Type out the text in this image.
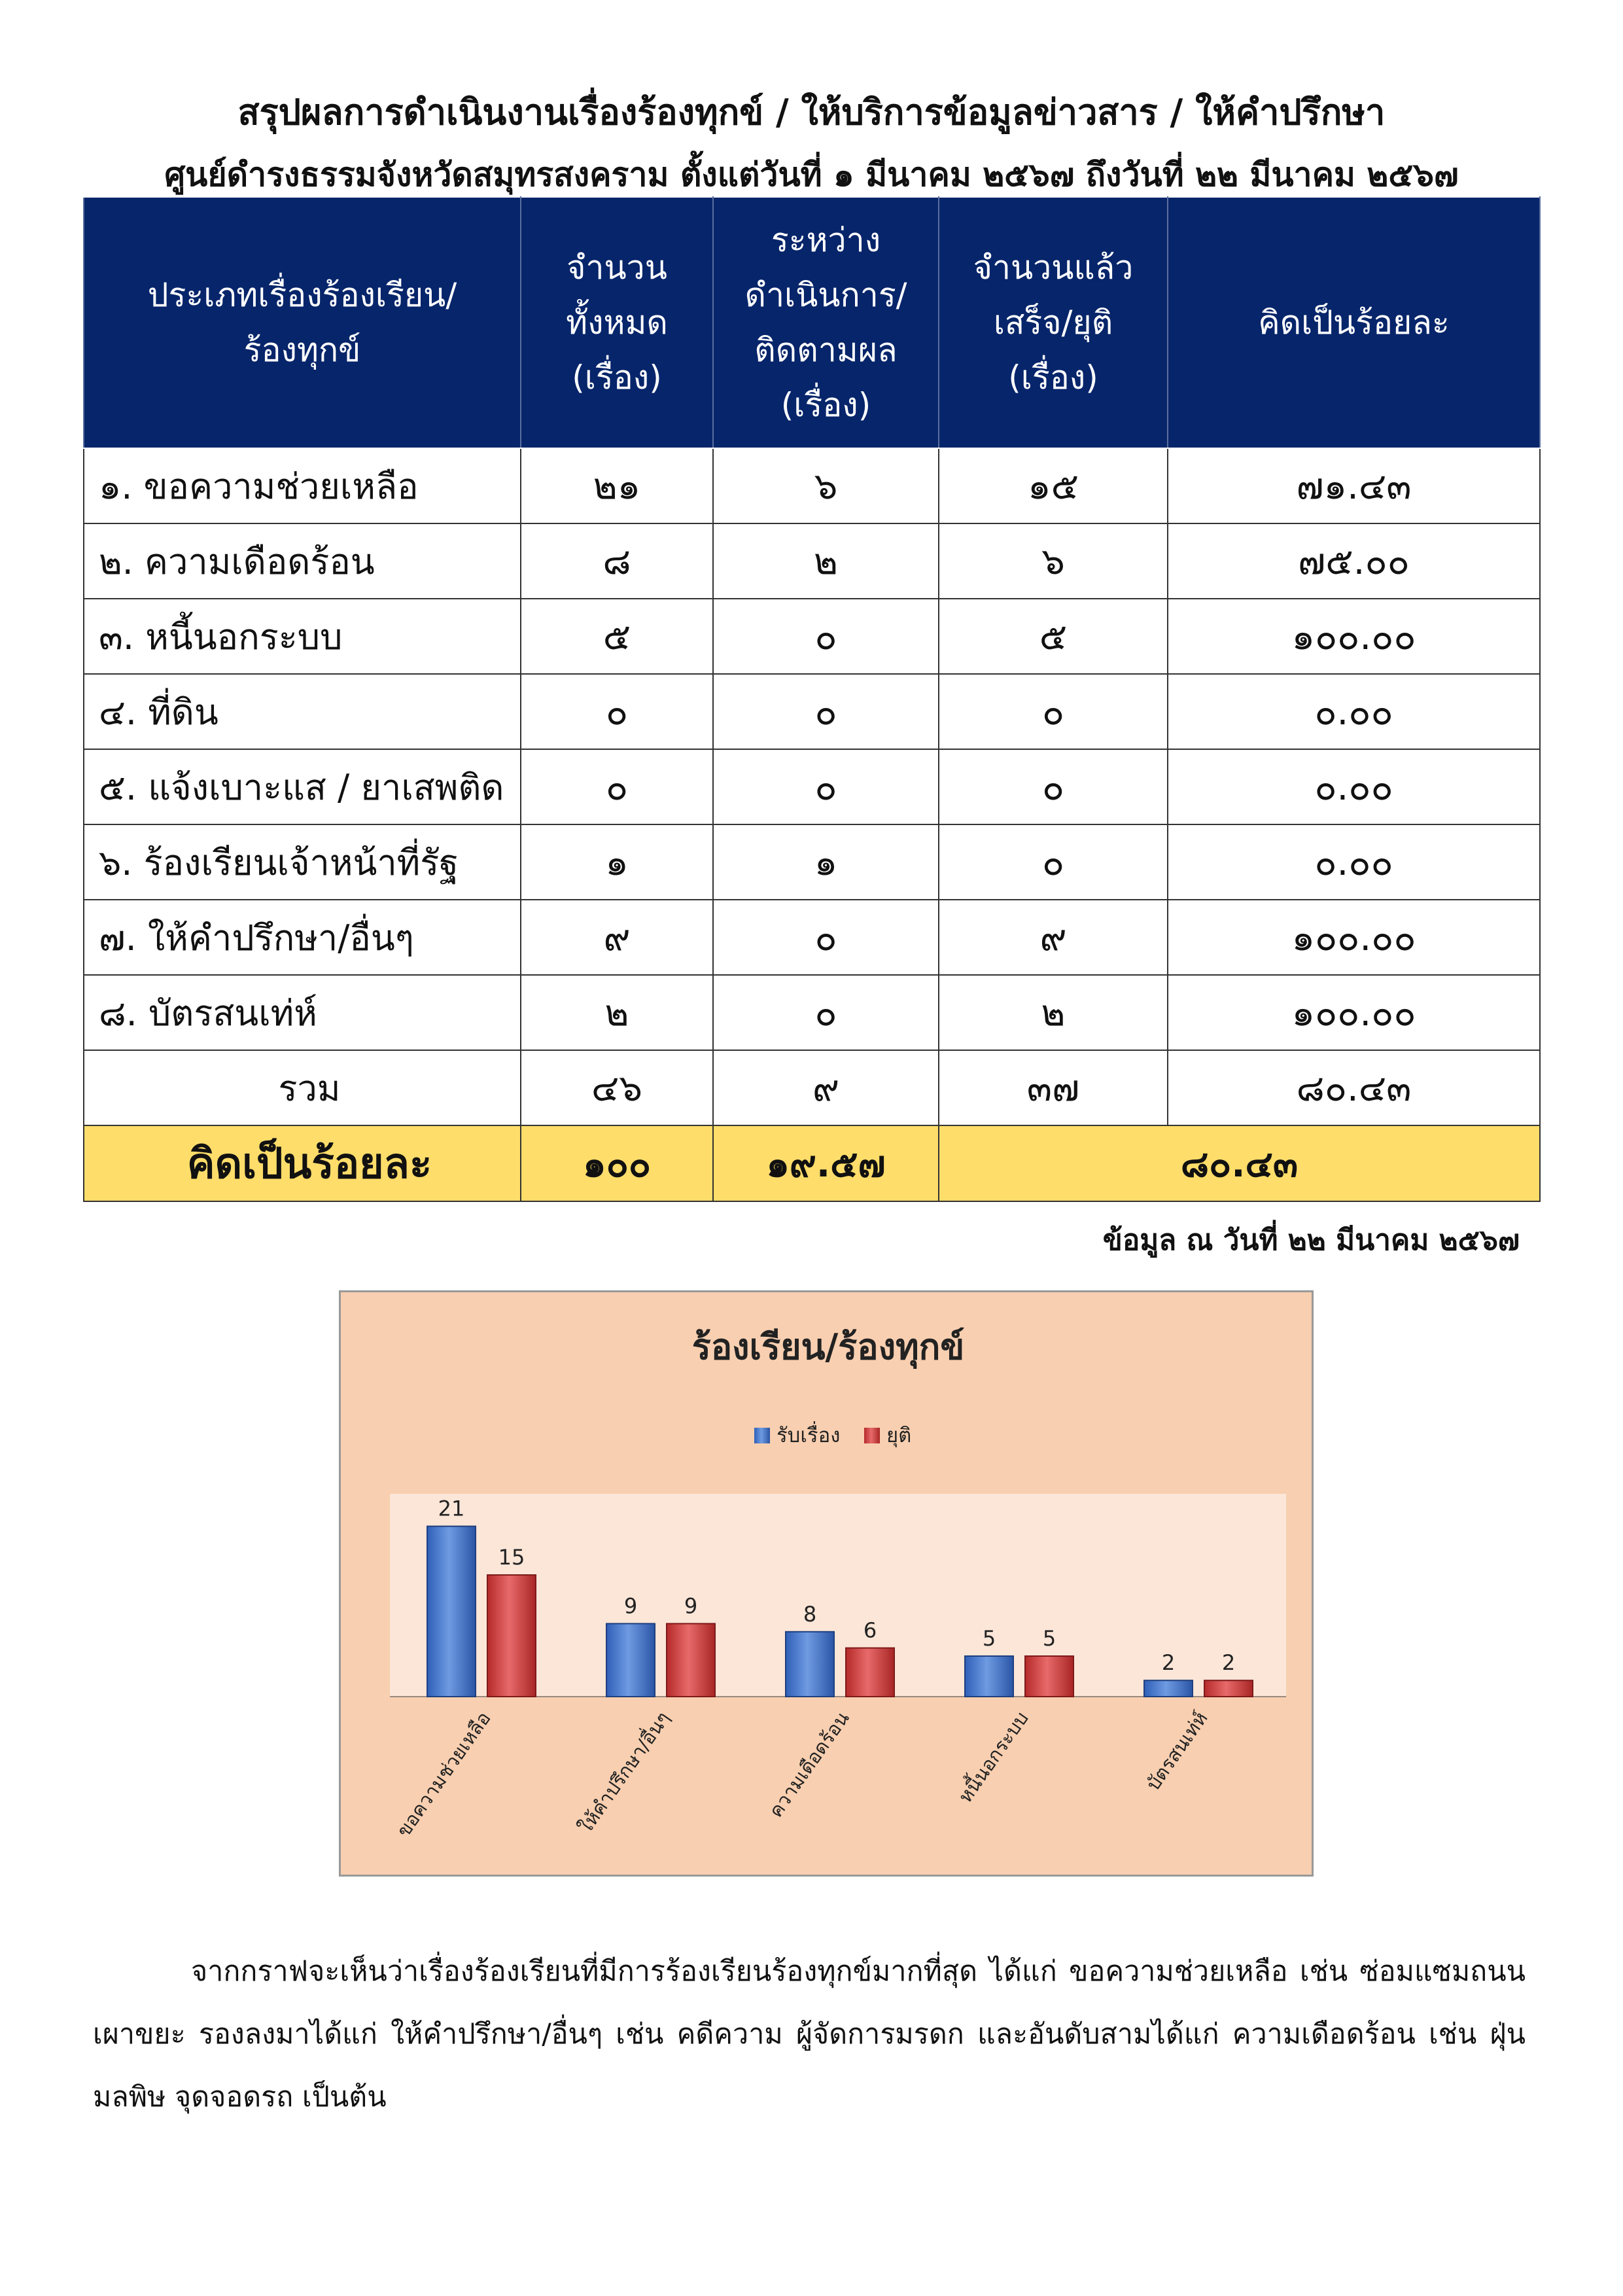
สรุปผลการดำเนินงานเรื่องร้องทุกข์ / ให้บริการข้อมูลข่าวสาร / ให้คำปรึกษา
ศูนย์ดำรงธรรมจังหวัดสมุทรสงคราม ตั้งแต่วันที่ ๑ มีนาคม ๒๕๖๗ ถึงวันที่ ๒๒ มีนาคม ๒๕๖๗
ประเภทเรื่องร้องเรียน/
ร้องทุกข์	จำนวน
ทั้งหมด
(เรื่อง)	ระหว่าง
ดำเนินการ/
ติดตามผล
(เรื่อง)	จำนวนแล้ว
เสร็จ/ยุติ
(เรื่อง)	คิดเป็นร้อยละ

๑. ขอความช่วยเหลือ	๒๑	๖	๑๕	๗๑.๔๓
๒. ความเดือดร้อน	๘	๒	๖	๗๕.๐๐
๓. หนี้นอกระบบ	๕	๐	๕	๑๐๐.๐๐
๔. ที่ดิน	๐	๐	๐	๐.๐๐
๕. แจ้งเบาะแส / ยาเสพติด	๐	๐	๐	๐.๐๐
๖. ร้องเรียนเจ้าหน้าที่รัฐ	๑	๑	๐	๐.๐๐
๗. ให้คำปรึกษา/อื่นๆ	๙	๐	๙	๑๐๐.๐๐
๘. บัตรสนเท่ห์	๒	๐	๒	๑๐๐.๐๐
รวม	๔๖	๙	๓๗	๘๐.๔๓
คิดเป็นร้อยละ	๑๐๐	๑๙.๕๗	๘๐.๔๓	
ข้อมูล ณ วันที่ ๒๒ มีนาคม ๒๕๖๗
ร้องเรียน/ร้องทุกข์
รับเรื่อง ยุติ
21
15
ขอความช่วยเหลือ
9 9
ให้คำปรึกษา/อื่นๆ
8
6
ความเดือดร้อน
5 5
หนี้นอกระบบ
2 2
บัตรสนเท่ห์
จากกราฟจะเห็นว่าเรื่องร้องเรียนที่มีการร้องเรียนร้องทุกข์มากที่สุด ได้แก่ ขอความช่วยเหลือ เช่น ซ่อมแซมถนน เผาขยะ รองลงมาได้แก่ ให้คำปรึกษา/อื่นๆ เช่น คดีความ ผู้จัดการมรดก และอันดับสามได้แก่ ความเดือดร้อน เช่น ฝุ่นมลพิษ จุดจอดรถ เป็นต้น
